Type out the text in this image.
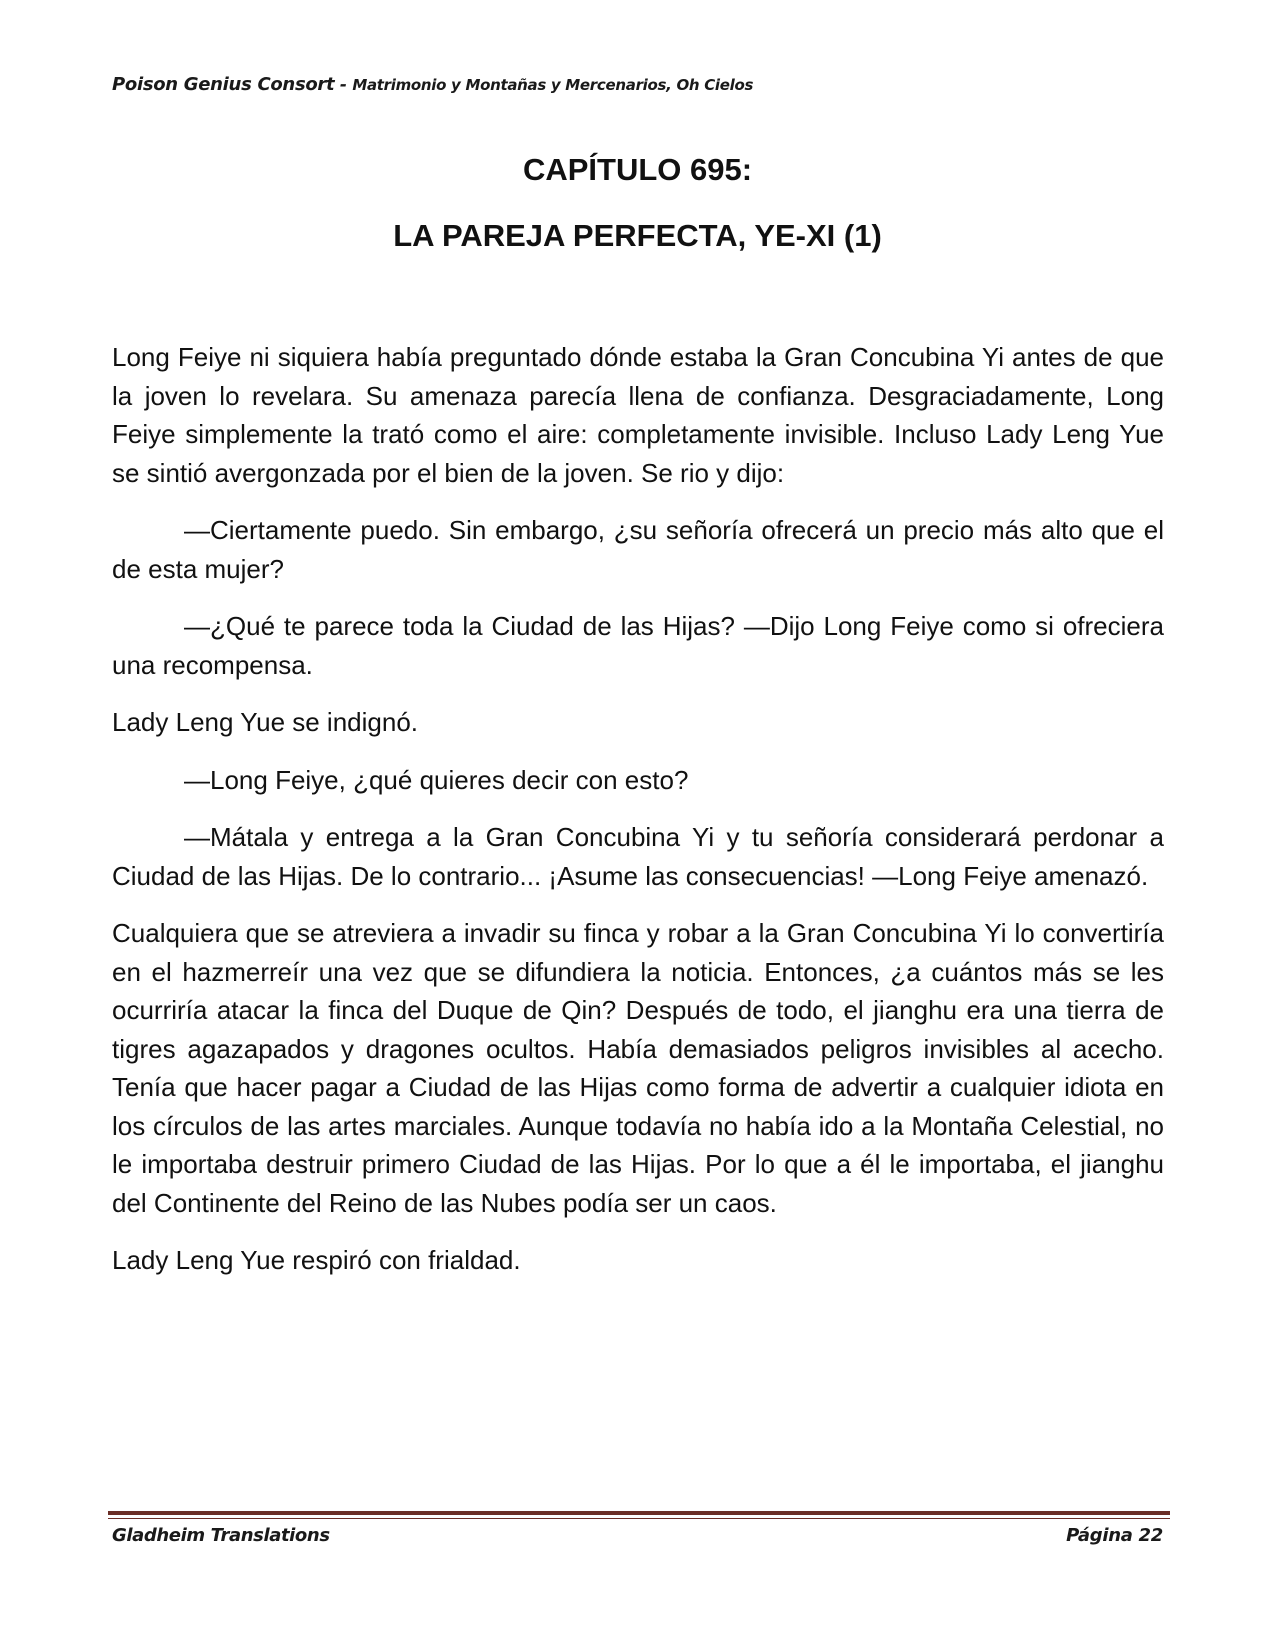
Poison Genius Consort - Matrimonio y Montañas y Mercenarios, Oh Cielos
CAPÍTULO 695:
LA PAREJA PERFECTA, YE-XI (1)

Long Feiye ni siquiera había preguntado dónde estaba la Gran Concubina Yi antes de que la joven lo revelara. Su amenaza parecía llena de confianza. Desgraciadamente, Long Feiye simplemente la trató como el aire: completamente invisible. Incluso Lady Leng Yue se sintió avergonzada por el bien de la joven. Se rio y dijo:

—Ciertamente puedo. Sin embargo, ¿su señoría ofrecerá un precio más alto que el de esta mujer?

—¿Qué te parece toda la Ciudad de las Hijas? —Dijo Long Feiye como si ofreciera una recompensa.

Lady Leng Yue se indignó.

—Long Feiye, ¿qué quieres decir con esto?

—Mátala y entrega a la Gran Concubina Yi y tu señoría considerará perdonar a Ciudad de las Hijas. De lo contrario... ¡Asume las consecuencias! —Long Feiye amenazó.

Cualquiera que se atreviera a invadir su finca y robar a la Gran Concubina Yi lo convertiría en el hazmerreír una vez que se difundiera la noticia. Entonces, ¿a cuántos más se les ocurriría atacar la finca del Duque de Qin? Después de todo, el jianghu era una tierra de tigres agazapados y dragones ocultos. Había demasiados peligros invisibles al acecho. Tenía que hacer pagar a Ciudad de las Hijas como forma de advertir a cualquier idiota en los círculos de las artes marciales. Aunque todavía no había ido a la Montaña Celestial, no le importaba destruir primero Ciudad de las Hijas. Por lo que a él le importaba, el jianghu del Continente del Reino de las Nubes podía ser un caos.

Lady Leng Yue respiró con frialdad.

Gladheim Translations	Página 22
